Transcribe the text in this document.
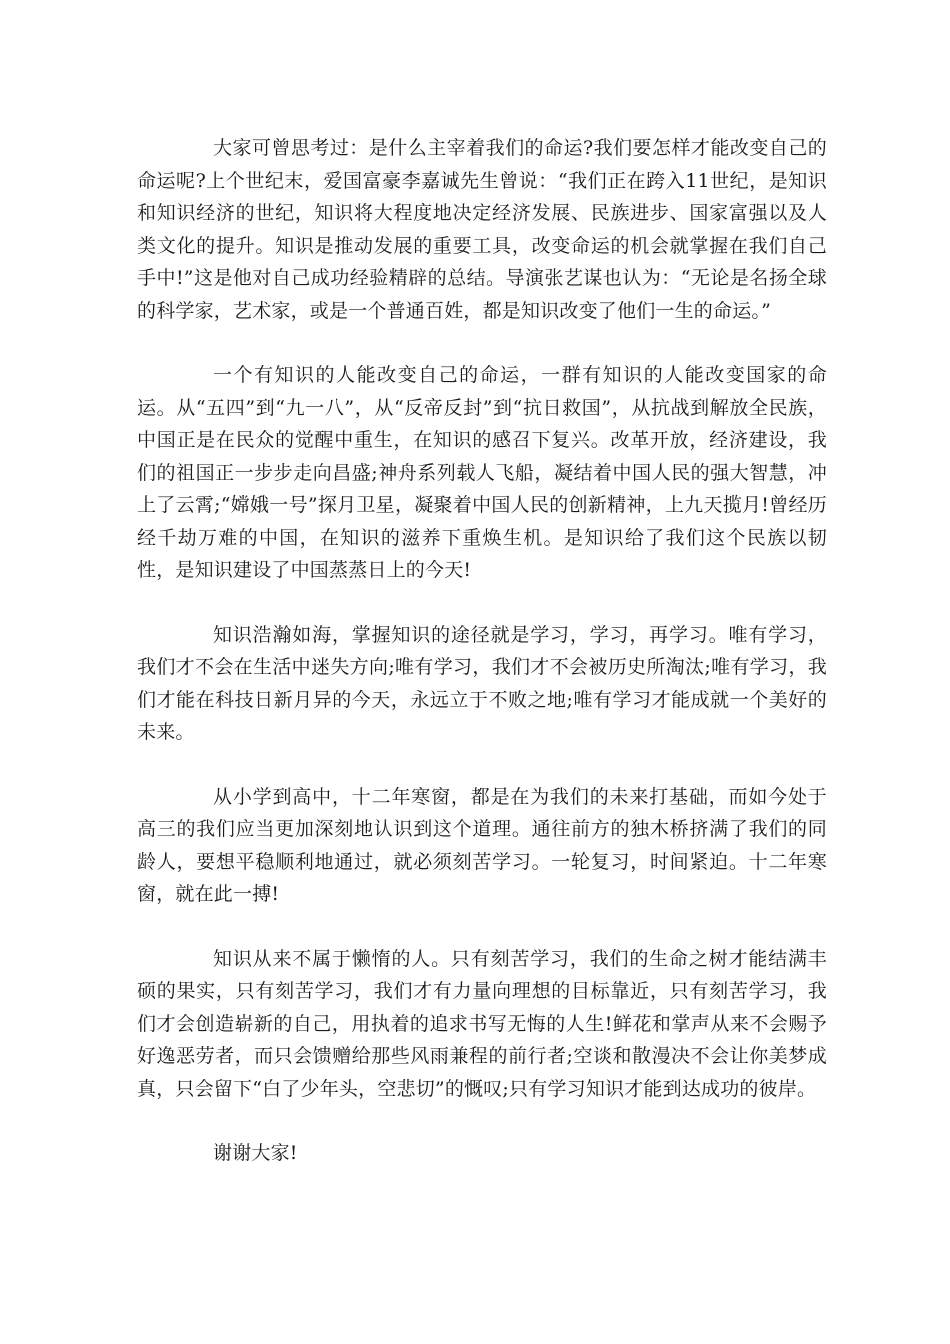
大家可曾思考过：是什么主宰着我们的命运?我们要怎样才能改变自己的命运呢?上个世纪末，爱国富豪李嘉诚先生曾说：“我们正在跨入11世纪，是知识和知识经济的世纪，知识将大程度地决定经济发展、民族进步、国家富强以及人类文化的提升。知识是推动发展的重要工具，改变命运的机会就掌握在我们自己手中!”这是他对自己成功经验精辟的总结。导演张艺谋也认为：“无论是名扬全球的科学家，艺术家，或是一个普通百姓，都是知识改变了他们一生的命运。”

一个有知识的人能改变自己的命运，一群有知识的人能改变国家的命运。从“五四”到“九一八”，从“反帝反封”到“抗日救国”，从抗战到解放全民族，中国正是在民众的觉醒中重生，在知识的感召下复兴。改革开放，经济建设，我们的祖国正一步步走向昌盛;神舟系列载人飞船，凝结着中国人民的强大智慧，冲上了云霄;“嫦娥一号”探月卫星，凝聚着中国人民的创新精神，上九天揽月!曾经历经千劫万难的中国，在知识的滋养下重焕生机。是知识给了我们这个民族以韧性，是知识建设了中国蒸蒸日上的今天!

知识浩瀚如海，掌握知识的途径就是学习，学习，再学习。唯有学习，我们才不会在生活中迷失方向;唯有学习，我们才不会被历史所淘汰;唯有学习，我们才能在科技日新月异的今天，永远立于不败之地;唯有学习才能成就一个美好的未来。

从小学到高中，十二年寒窗，都是在为我们的未来打基础，而如今处于高三的我们应当更加深刻地认识到这个道理。通往前方的独木桥挤满了我们的同龄人，要想平稳顺利地通过，就必须刻苦学习。一轮复习，时间紧迫。十二年寒窗，就在此一搏!

知识从来不属于懒惰的人。只有刻苦学习，我们的生命之树才能结满丰硕的果实，只有刻苦学习，我们才有力量向理想的目标靠近，只有刻苦学习，我们才会创造崭新的自己，用执着的追求书写无悔的人生!鲜花和掌声从来不会赐予好逸恶劳者，而只会馈赠给那些风雨兼程的前行者;空谈和散漫决不会让你美梦成真，只会留下“白了少年头，空悲切”的慨叹;只有学习知识才能到达成功的彼岸。

谢谢大家!
